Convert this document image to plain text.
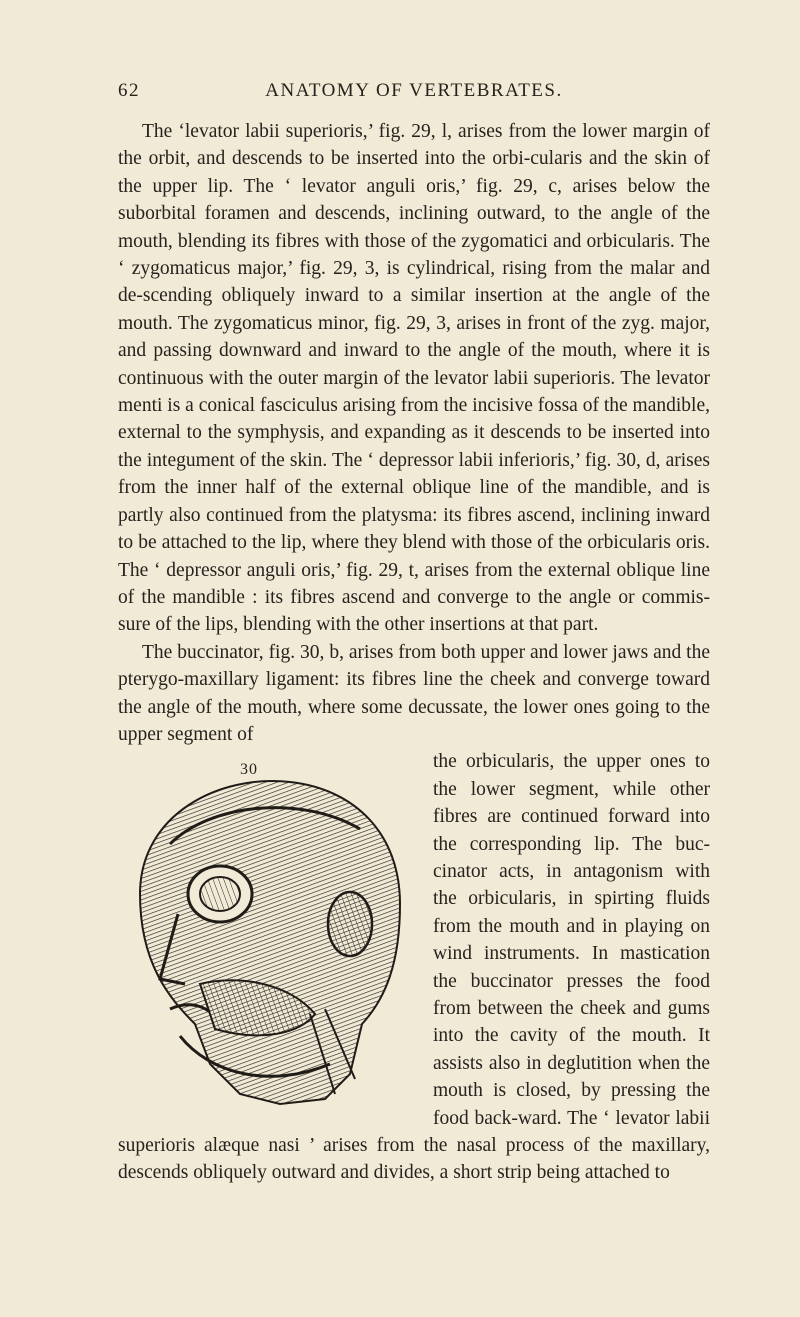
62	ANATOMY OF VERTEBRATES.

The ‘levator labii superioris,’ fig. 29, l, arises from the lower margin of the orbit, and descends to be inserted into the orbi-cularis and the skin of the upper lip. The ‘ levator anguli oris,’ fig. 29, c, arises below the suborbital foramen and descends, inclining outward, to the angle of the mouth, blending its fibres with those of the zygomatici and orbicularis. The ‘ zygomaticus major,’ fig. 29, 3, is cylindrical, rising from the malar and de-scending obliquely inward to a similar insertion at the angle of the mouth. The zygomaticus minor, fig. 29, 3, arises in front of the zyg. major, and passing downward and inward to the angle of the mouth, where it is continuous with the outer margin of the levator labii superioris. The levator menti is a conical fasciculus arising from the incisive fossa of the mandible, external to the symphysis, and expanding as it descends to be inserted into the integument of the skin. The ‘ depressor labii inferioris,’ fig. 30, d, arises from the inner half of the external oblique line of the mandible, and is partly also continued from the platysma: its fibres ascend, inclining inward to be attached to the lip, where they blend with those of the orbicularis oris. The ‘ depressor anguli oris,’ fig. 29, t, arises from the external oblique line of the mandible : its fibres ascend and converge to the angle or commis-sure of the lips, blending with the other insertions at that part.

The buccinator, fig. 30, b, arises from both upper and lower jaws and the pterygo-maxillary ligament: its fibres line the cheek and converge toward the angle of the mouth, where some decussate, the lower ones going to the upper segment of

30	the orbicularis, the upper ones to the lower segment, while other fibres are continued forward into the corresponding lip. The buc-cinator acts, in antagonism with the orbicularis, in spirting fluids from the mouth and in playing on wind instruments. In mastication the buccinator presses the food from between the cheek and gums into the cavity of the mouth. It assists also in deglutition when the mouth is closed, by pressing the food back-ward. The ‘ levator labii superioris alæque nasi ’ arises from the nasal process of the maxillary, descends obliquely outward and divides, a short strip being attached to
